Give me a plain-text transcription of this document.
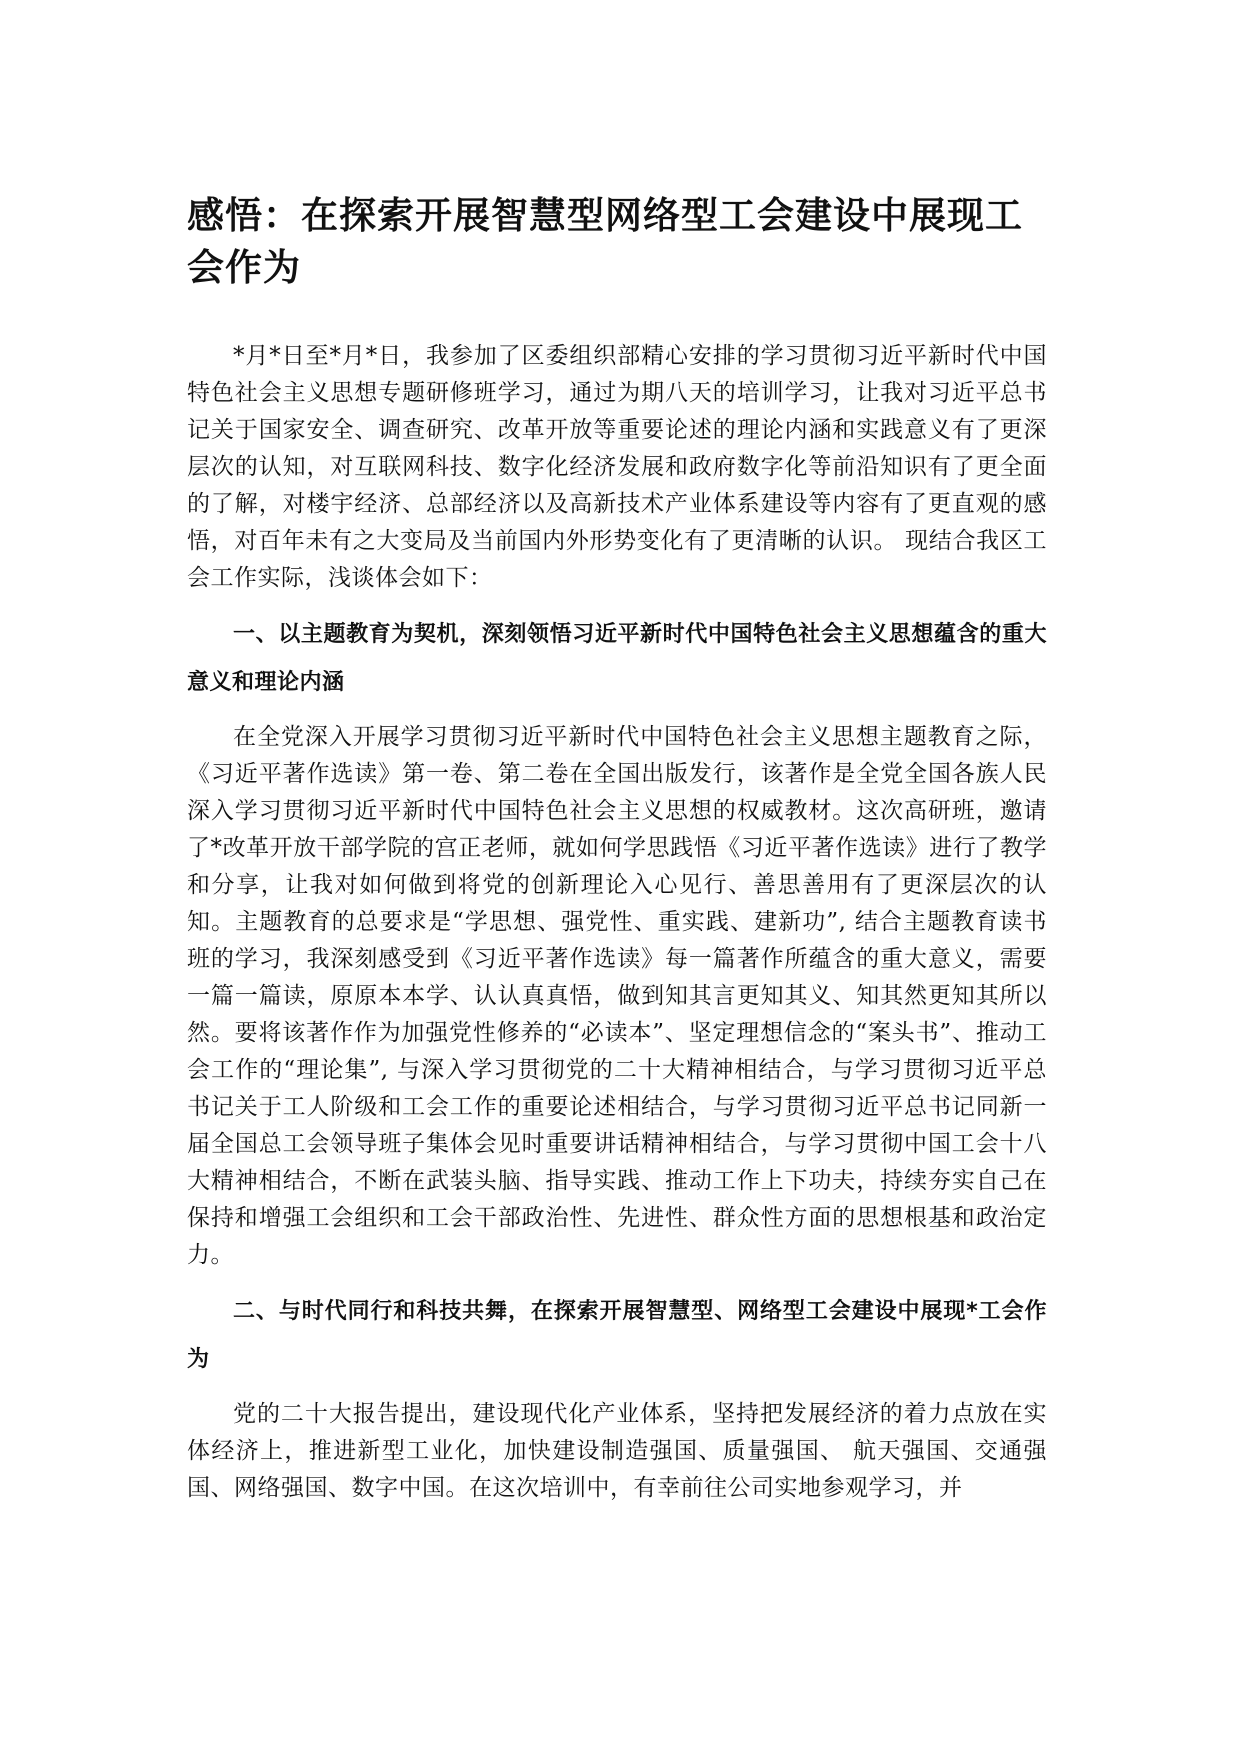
感悟：在探索开展智慧型网络型工会建设中展现工会作为

*月*日至*月*日，我参加了区委组织部精心安排的学习贯彻习近平新时代中国特色社会主义思想专题研修班学习，通过为期八天的培训学习，让我对习近平总书记关于国家安全、调查研究、改革开放等重要论述的理论内涵和实践意义有了更深层次的认知，对互联网科技、数字化经济发展和政府数字化等前沿知识有了更全面的了解，对楼宇经济、总部经济以及高新技术产业体系建设等内容有了更直观的感悟，对百年未有之大变局及当前国内外形势变化有了更清晰的认识。 现结合我区工会工作实际，浅谈体会如下：

一、以主题教育为契机，深刻领悟习近平新时代中国特色社会主义思想蕴含的重大意义和理论内涵

在全党深入开展学习贯彻习近平新时代中国特色社会主义思想主题教育之际， 《习近平著作选读》第一卷、第二卷在全国出版发行，该著作是全党全国各族人民深入学习贯彻习近平新时代中国特色社会主义思想的权威教材。这次高研班，邀请了*改革开放干部学院的宫正老师，就如何学思践悟《习近平著作选读》进行了教学和分享，让我对如何做到将党的创新理论入心见行、善思善用有了更深层次的认知。主题教育的总要求是“学思想、强党性、重实践、建新功”, 结合主题教育读书班的学习，我深刻感受到《习近平著作选读》每一篇著作所蕴含的重大意义，需要一篇一篇读，原原本本学、认认真真悟，做到知其言更知其义、知其然更知其所以然。要将该著作作为加强党性修养的“必读本”、坚定理想信念的“案头书”、推动工会工作的“理论集”, 与深入学习贯彻党的二十大精神相结合，与学习贯彻习近平总书记关于工人阶级和工会工作的重要论述相结合，与学习贯彻习近平总书记同新一届全国总工会领导班子集体会见时重要讲话精神相结合，与学习贯彻中国工会十八大精神相结合，不断在武装头脑、指导实践、推动工作上下功夫，持续夯实自己在保持和增强工会组织和工会干部政治性、先进性、群众性方面的思想根基和政治定力。

二、与时代同行和科技共舞，在探索开展智慧型、网络型工会建设中展现*工会作为

党的二十大报告提出，建设现代化产业体系，坚持把发展经济的着力点放在实体经济上，推进新型工业化，加快建设制造强国、质量强国、 航天强国、交通强国、网络强国、数字中国。在这次培训中，有幸前往公司实地参观学习，并
